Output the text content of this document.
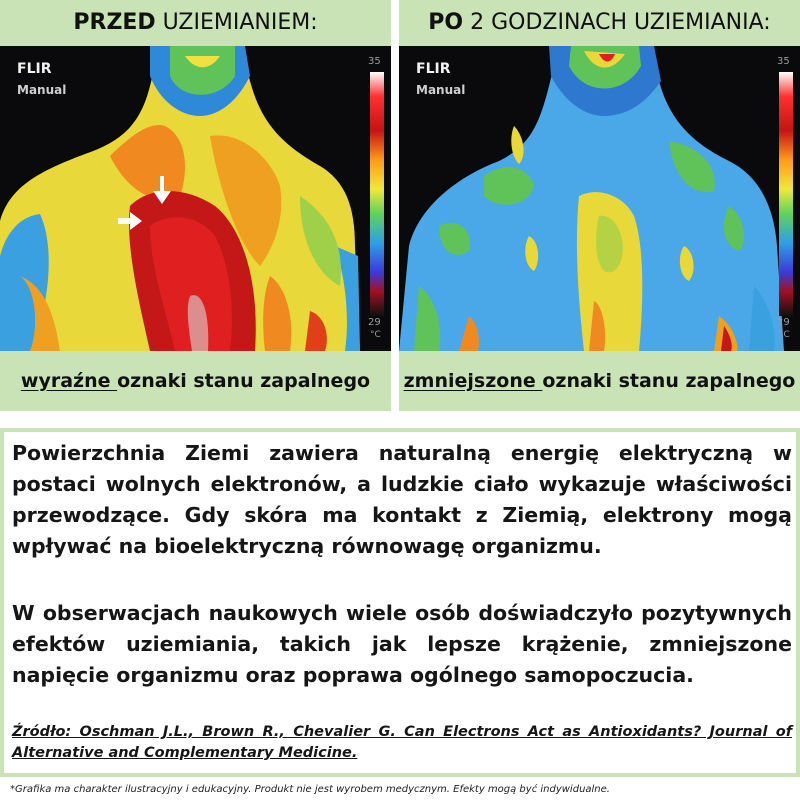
PRZED UZIEMIANIEM:
FLIR
Manual
35
29
°C
wyraźne oznaki stanu zapalnego
PO 2 GODZINACH UZIEMIANIA:
FLIR
Manual
35
29
°C
zmniejszone oznaki stanu zapalnego

Powierzchnia Ziemi zawiera naturalną energię elektryczną w postaci wolnych elektronów, a ludzkie ciało wykazuje właściwości przewodzące. Gdy skóra ma kontakt z Ziemią, elektrony mogą wpływać na bioelektryczną równowagę organizmu.

W obserwacjach naukowych wiele osób doświadczyło pozytywnych efektów uziemiania, takich jak lepsze krążenie, zmniejszone napięcie organizmu oraz poprawa ogólnego samopoczucia.

Źródło: Oschman J.L., Brown R., Chevalier G. Can Electrons Act as Antioxidants? Journal of Alternative and Complementary Medicine.

*Grafika ma charakter ilustracyjny i edukacyjny. Produkt nie jest wyrobem medycznym. Efekty mogą być indywidualne.
